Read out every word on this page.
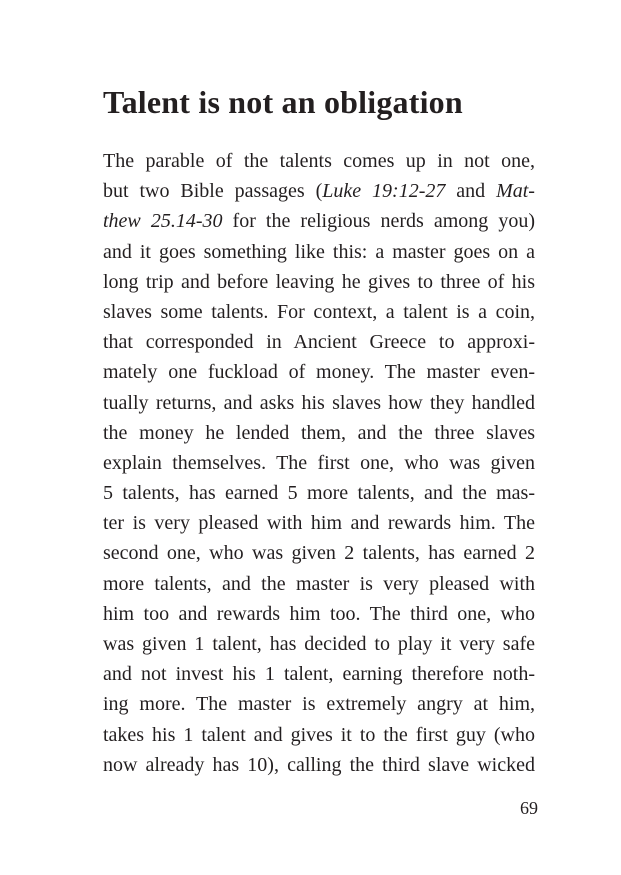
Talent is not an obligation
The parable of the talents comes up in not one,
but two Bible passages (Luke 19:12-27 and Mat-
thew 25.14-30 for the religious nerds among you)
and it goes something like this: a master goes on a
long trip and before leaving he gives to three of his
slaves some talents. For context, a talent is a coin,
that corresponded in Ancient Greece to approxi-
mately one fuckload of money. The master even-
tually returns, and asks his slaves how they handled
the money he lended them, and the three slaves
explain themselves. The first one, who was given
5 talents, has earned 5 more talents, and the mas-
ter is very pleased with him and rewards him. The
second one, who was given 2 talents, has earned 2
more talents, and the master is very pleased with
him too and rewards him too. The third one, who
was given 1 talent, has decided to play it very safe
and not invest his 1 talent, earning therefore noth-
ing more. The master is extremely angry at him,
takes his 1 talent and gives it to the first guy (who
now already has 10), calling the third slave wicked
69
